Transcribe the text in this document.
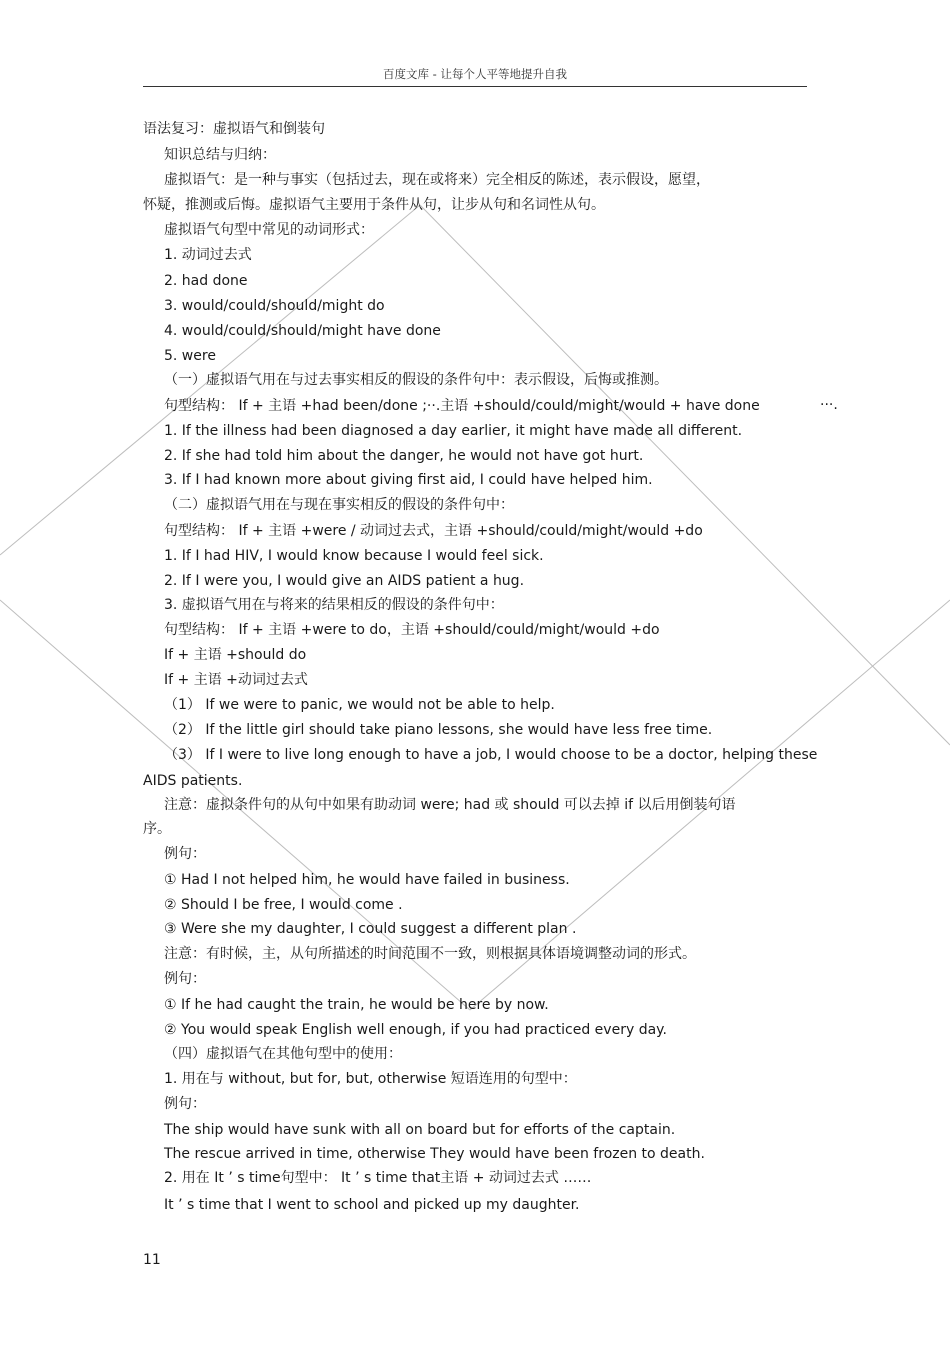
百度文库 - 让每个人平等地提升自我
语法复习：虚拟语气和倒装句
知识总结与归纳：
虚拟语气：是一种与事实（包括过去，现在或将来）完全相反的陈述，表示假设，愿望，
怀疑，推测或后悔。虚拟语气主要用于条件从句，让步从句和名词性从句。
虚拟语气句型中常见的动词形式：
1. 动词过去式
2. had done
3. would/could/should/might do
4. would/could/should/might have done
5. were
（一）虚拟语气用在与过去事实相反的假设的条件句中：表示假设，后悔或推测。
句型结构： If + 主语 +had been/done ;··.主语 +should/could/might/would + have done	···.
1. If the illness had been diagnosed a day earlier, it might have made all different.
2. If she had told him about the danger, he would not have got hurt.
3. If I had known more about giving first aid, I could have helped him.
（二）虚拟语气用在与现在事实相反的假设的条件句中：
句型结构： If + 主语 +were / 动词过去式，主语 +should/could/might/would +do
1. If I had HIV, I would know because I would feel sick.
2. If I were you, I would give an AIDS patient a hug.
3. 虚拟语气用在与将来的结果相反的假设的条件句中：
句型结构： If + 主语 +were to do，主语 +should/could/might/would +do
If + 主语 +should do
If + 主语 +动词过去式
（1） If we were to panic, we would not be able to help.
（2） If the little girl should take piano lessons, she would have less free time.
（3） If I were to live long enough to have a job, I would choose to be a doctor, helping these
AIDS patients.
注意：虚拟条件句的从句中如果有助动词 were; had 或 should 可以去掉 if 以后用倒装句语
序。
例句：
① Had I not helped him, he would have failed in business.
② Should I be free, I would come .
③ Were she my daughter, I could suggest a different plan .
注意：有时候，主，从句所描述的时间范围不一致，则根据具体语境调整动词的形式。
例句：
① If he had caught the train, he would be here by now.
② You would speak English well enough, if you had practiced every day.
（四）虚拟语气在其他句型中的使用：
1. 用在与 without, but for, but, otherwise 短语连用的句型中：
例句：
The ship would have sunk with all on board but for efforts of the captain.
The rescue arrived in time, otherwise They would have been frozen to death.
2. 用在 It ’ s time句型中： It ’ s time that主语 + 动词过去式 ……
It ’ s time that I went to school and picked up my daughter.
11
